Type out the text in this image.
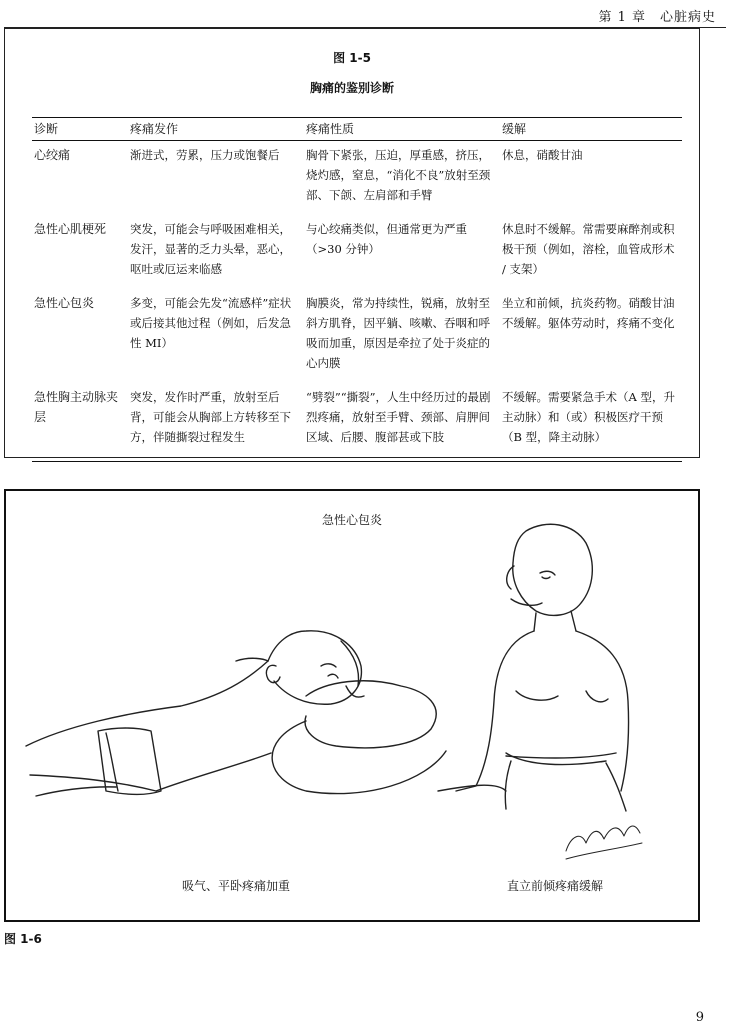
第 1 章　心脏病史
图 1-5
胸痛的鉴别诊断
诊断	疼痛发作	疼痛性质	缓解
心绞痛	渐进式，劳累，压力或饱餐后	胸骨下紧张，压迫，厚重感，挤压，烧灼感，窒息，“消化不良”放射至颈部、下颌、左肩部和手臂	休息，硝酸甘油
急性心肌梗死	突发，可能会与呼吸困难相关，发汗，显著的乏力头晕，恶心，呕吐或厄运来临感	与心绞痛类似，但通常更为严重（>30 分钟）	休息时不缓解。常需要麻醉剂或积极干预（例如，溶栓，血管成形术 / 支架）
急性心包炎	多变，可能会先发“流感样”症状或后接其他过程（例如，后发急性 MI）	胸膜炎，常为持续性，锐痛，放射至斜方肌脊，因平躺、咳嗽、吞咽和呼吸而加重，原因是牵拉了处于炎症的心内膜	坐立和前倾，抗炎药物。硝酸甘油不缓解。躯体劳动时，疼痛不变化
急性胸主动脉夹层	突发，发作时严重，放射至后背，可能会从胸部上方转移至下方，伴随撕裂过程发生	“劈裂”“撕裂”，人生中经历过的最剧烈疼痛，放射至手臂、颈部、肩胛间区域、后腰、腹部甚或下肢	不缓解。需要紧急手术（A 型，升主动脉）和（或）积极医疗干预（B 型，降主动脉）
急性心包炎
吸气、平卧疼痛加重	直立前倾疼痛缓解
图 1-6
9
